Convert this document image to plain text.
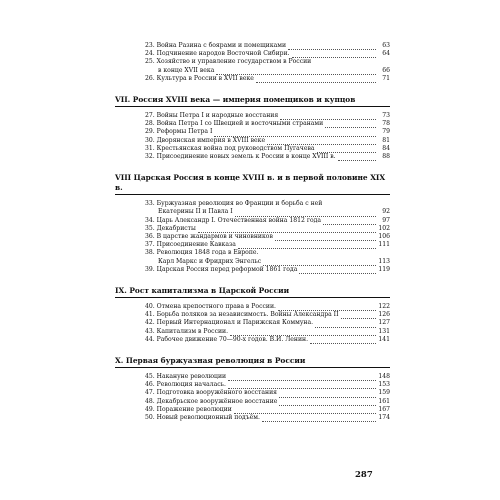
23. Война Разина с боярами и помещиками	63
24. Подчинение народов Восточной Сибири.	64
25. Хозяйство и управление государством в России
в конце XVII века	66
26. Культура в России в XVII веке	71
VII. Россия XVIII века — империя помещиков и купцов
27. Войны Петра I и народные восстания	73
28. Война Петра I со Швецией и восточными странами	78
29. Реформы Петра I	79
30. Дворянская империя в XVIII веке	81
31. Крестьянская война под руководством Пугачева	84
32. Присоединение новых земель к России в конце XVIII в.	88
VIII Царская Россия в конце XVIII в. и в первой половине XIX в.
33. Буржуазная революция во Франции и борьба с ней
Екатерины II и Павла I	92
34. Царь Александр I. Отечественная война 1812 года	97
35. Декабристы	102
36. В царстве жандармов и чиновников	106
37. Присоединение Кавказа	111
38. Революция 1848 года в Европе.
Карл Маркс и Фридрих Энгельс	113
39. Царская Россия перед реформой 1861 года	119
IX. Рост капитализма в Царской России
40. Отмена крепостного права в России.	122
41. Борьба поляков за независимость. Войны Александра II	126
42. Первый Интернационал и Парижская Коммуна.	127
43. Капитализм в России.	131
44. Рабочее движение 70—90-х годов. В.И. Ленин.	141
X. Первая буржуазная революция в России
45. Накануне революции	148
46. Революция началась.	153
47. Подготовка вооружённого восстания	159
48. Декабрьское вооружённое восстание	161
49. Поражение революции	167
50. Новый революционный подъём.	174
287
